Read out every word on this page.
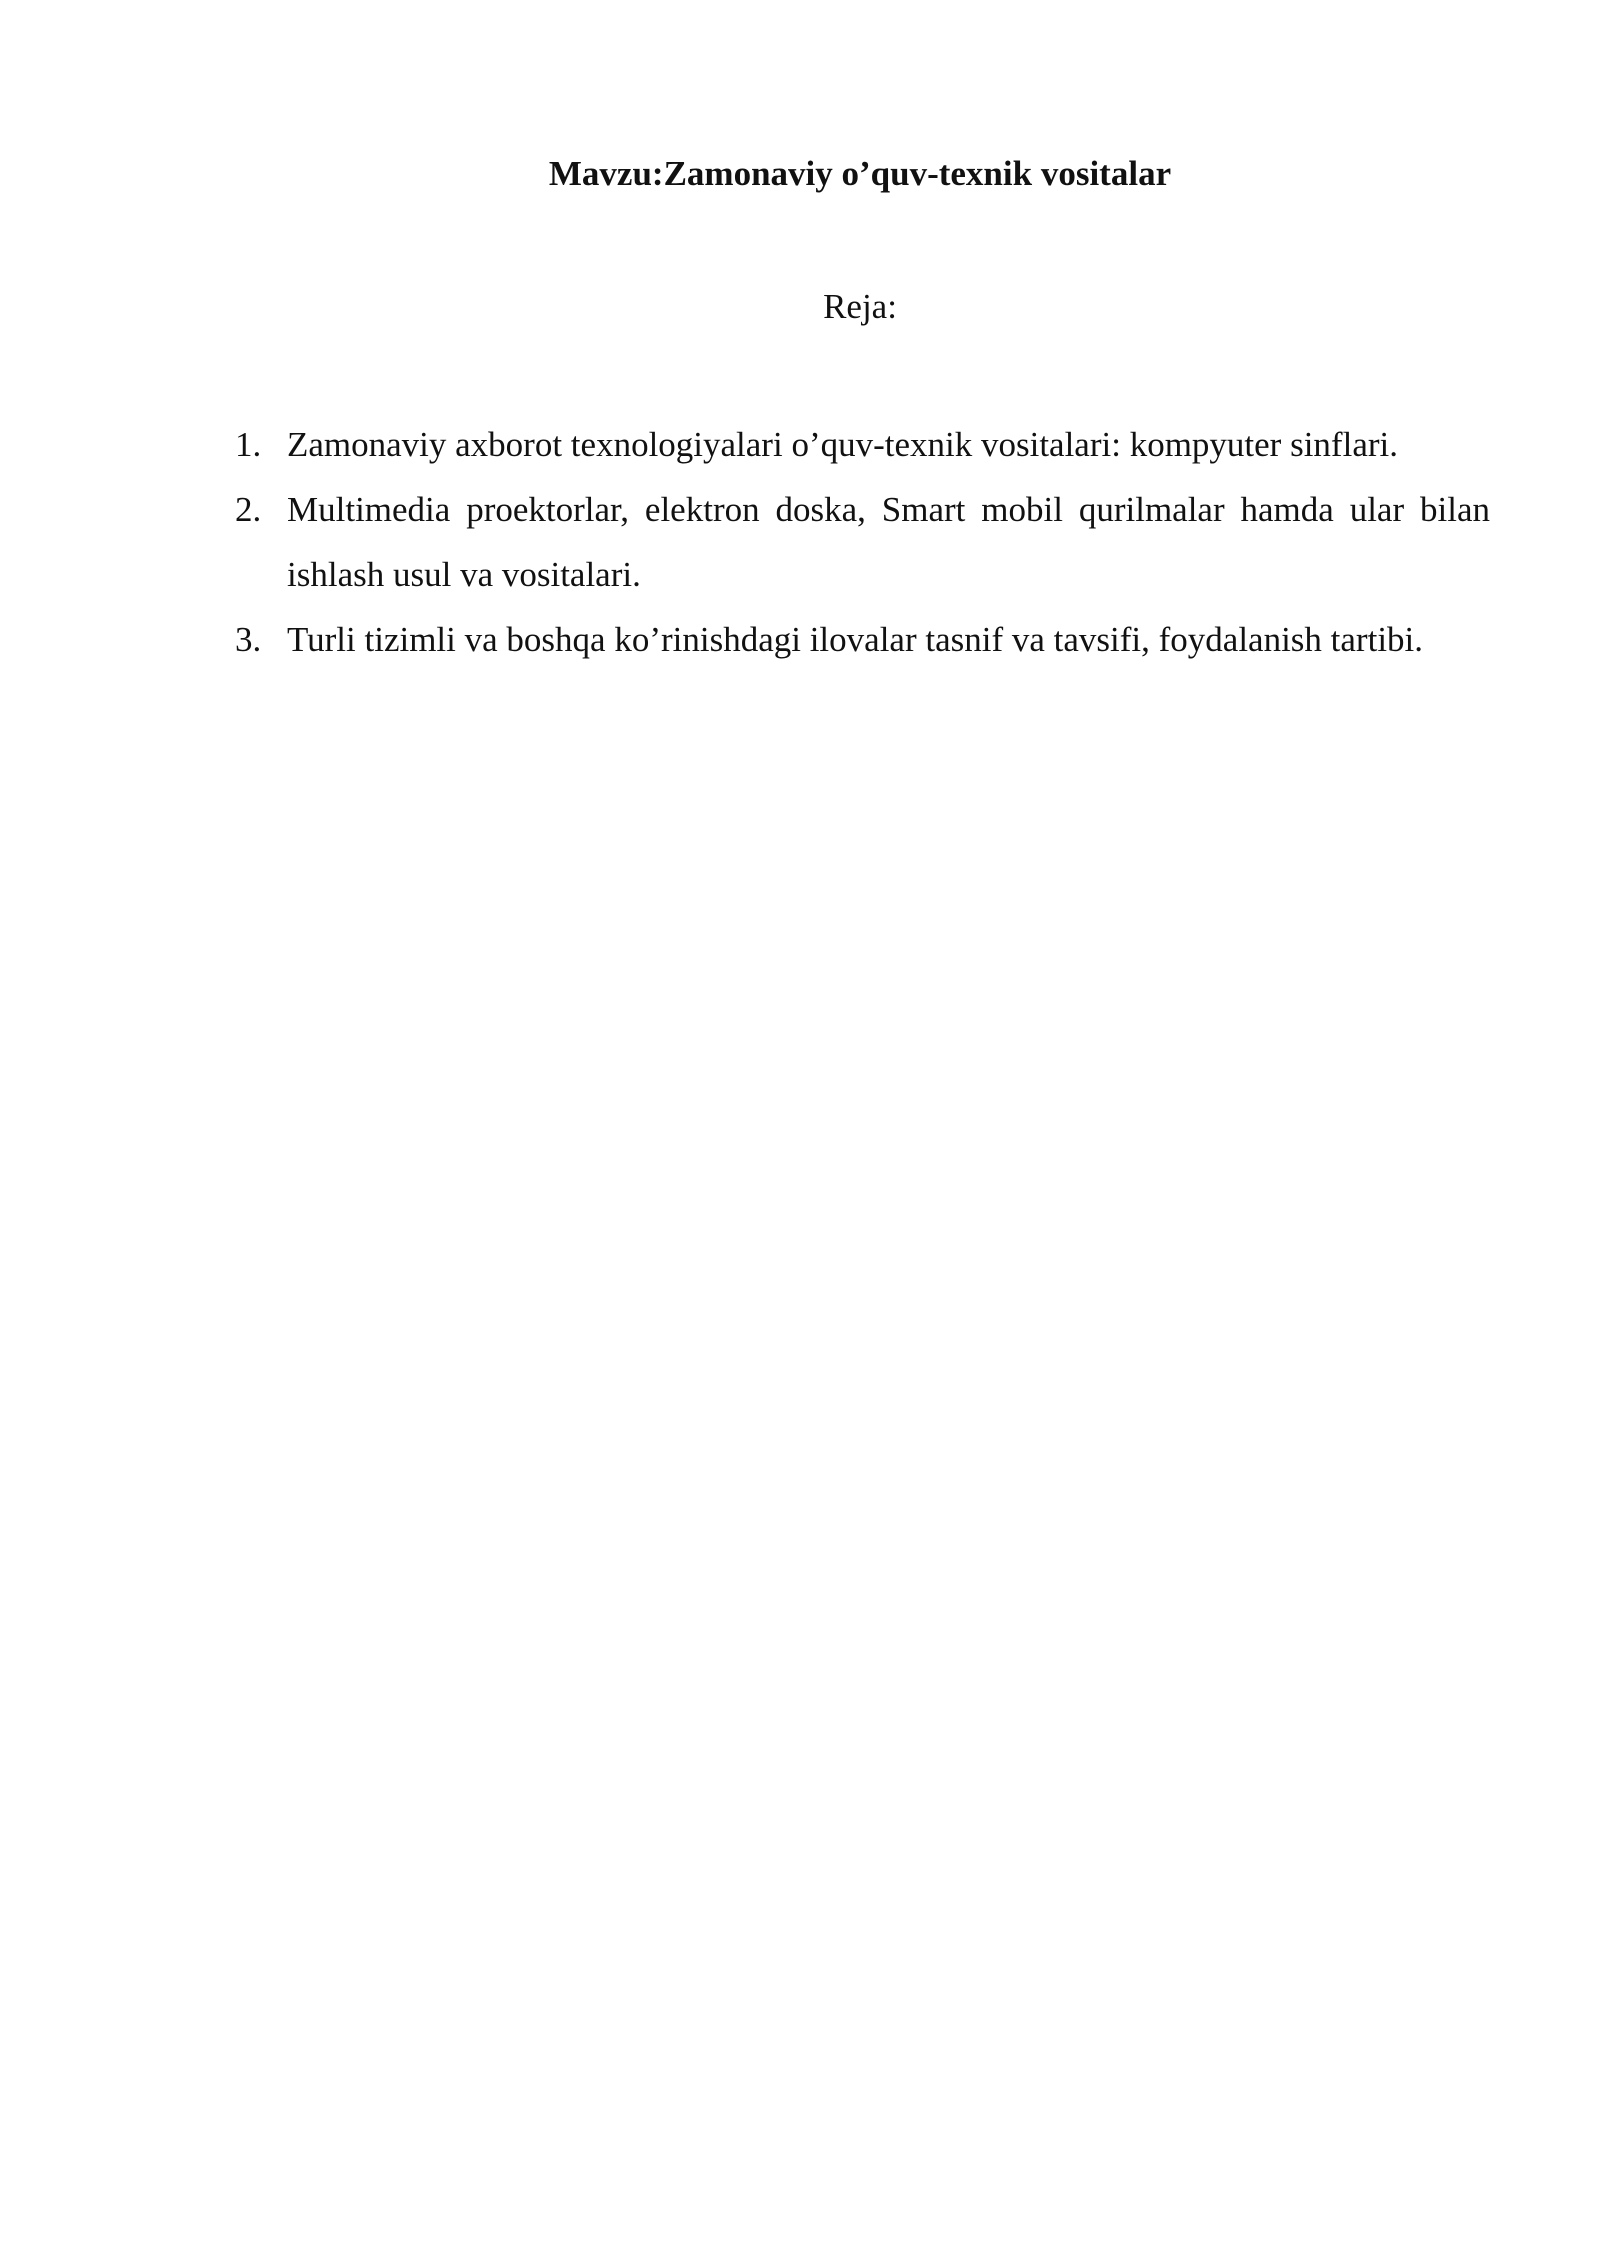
Mavzu:Zamonaviy o’quv-texnik vositalar
Reja:
1. Zamonaviy axborot texnologiyalari o’quv-texnik vositalari: kompyuter sinflari.
2. Multimedia proektorlar, elektron doska, Smart mobil qurilmalar hamda ular bilan ishlash usul va vositalari.
3. Turli tizimli va boshqa ko’rinishdagi ilovalar tasnif va tavsifi, foydalanish tartibi.
